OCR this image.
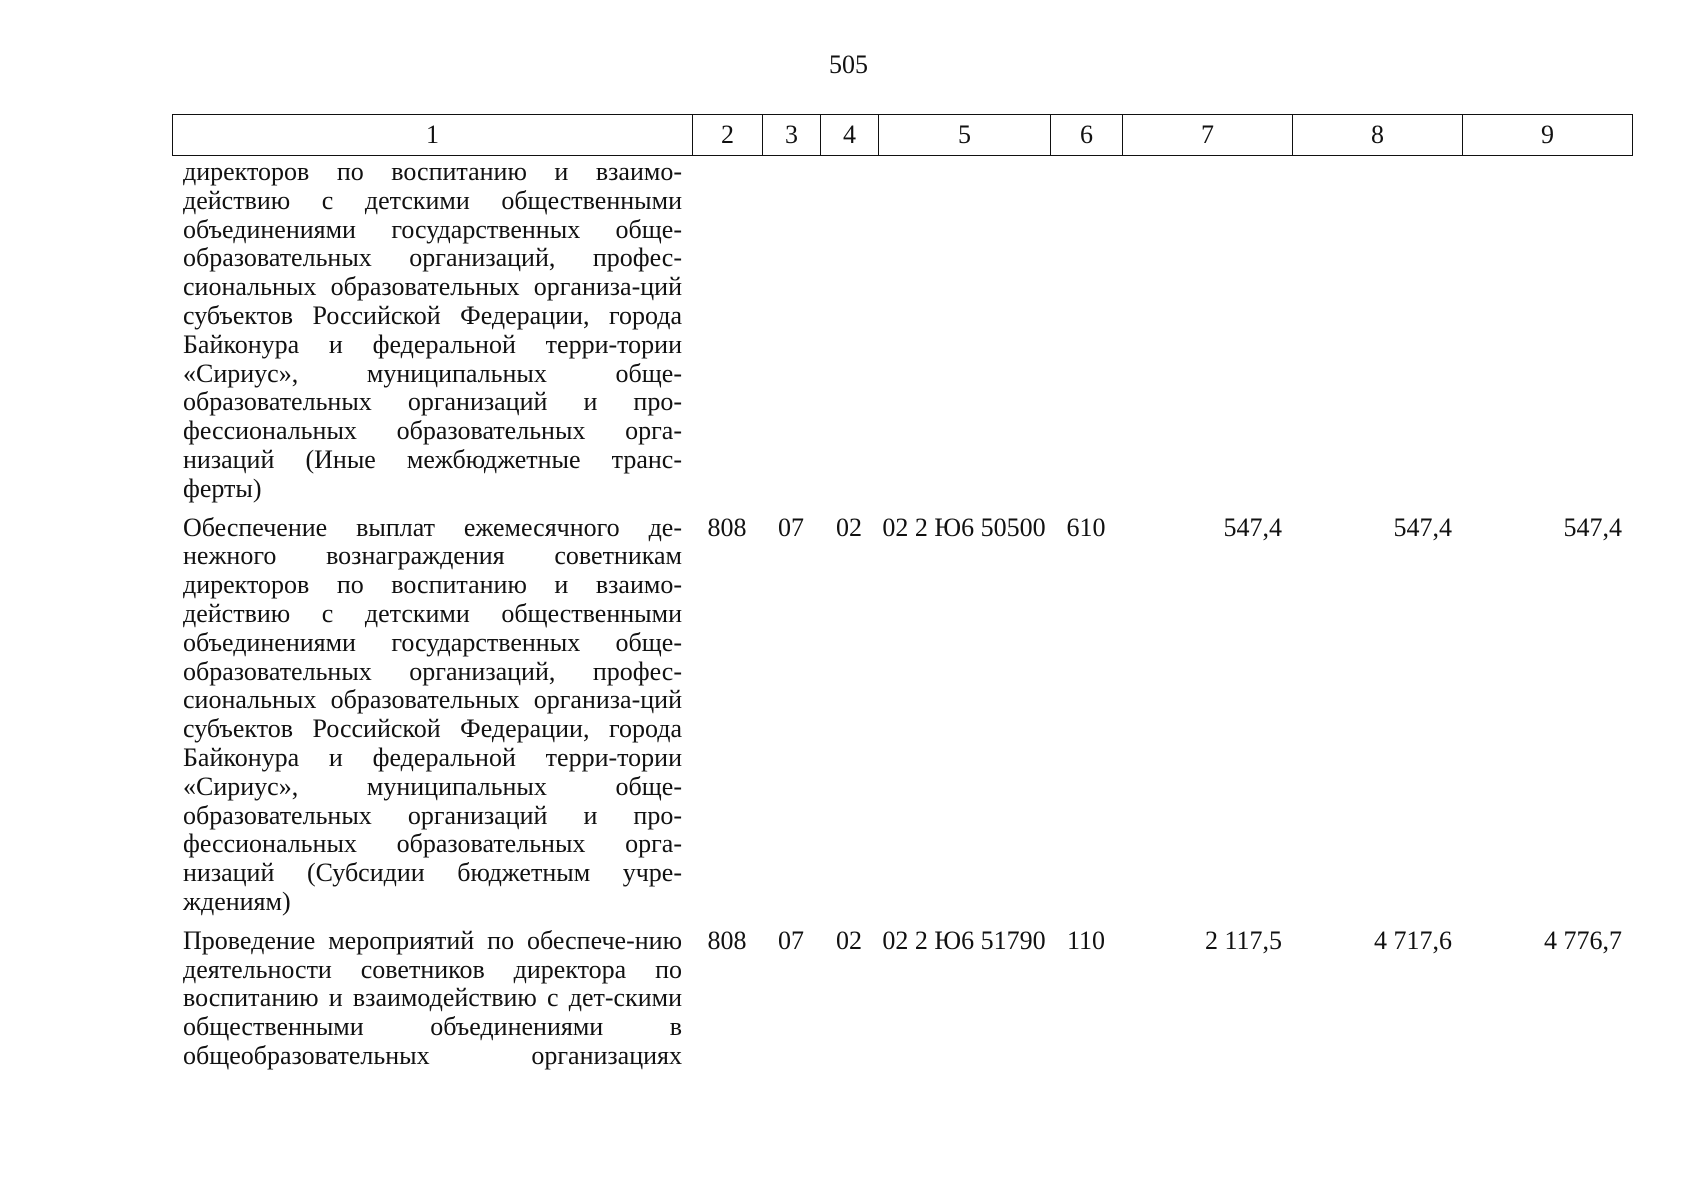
505
1	2	3	4	5	6	7	8	9
директоров по воспитанию и взаимо-действию с детскими общественными объединениями государственных обще-образовательных организаций, профес-сиональных образовательных организа-ций субъектов Российской Федерации, города Байконура и федеральной терри-тории «Сириус», муниципальных обще-образовательных организаций и про-фессиональных образовательных орга-низаций (Иные межбюджетные транс-ферты)								
Обеспечение выплат ежемесячного де-нежного вознаграждения советникам директоров по воспитанию и взаимо-действию с детскими общественными объединениями государственных обще-образовательных организаций, профес-сиональных образовательных организа-ций субъектов Российской Федерации, города Байконура и федеральной терри-тории «Сириус», муниципальных обще-образовательных организаций и про-фессиональных образовательных орга-низаций (Субсидии бюджетным учре-ждениям)	808	07	02	02 2 Ю6 50500	610	547,4	547,4	547,4
Проведение мероприятий по обеспече-нию деятельности советников директора по воспитанию и взаимодействию с дет-скими общественными объединениями в общеобразовательных организациях	808	07	02	02 2 Ю6 51790	110	2 117,5	4 717,6	4 776,7
